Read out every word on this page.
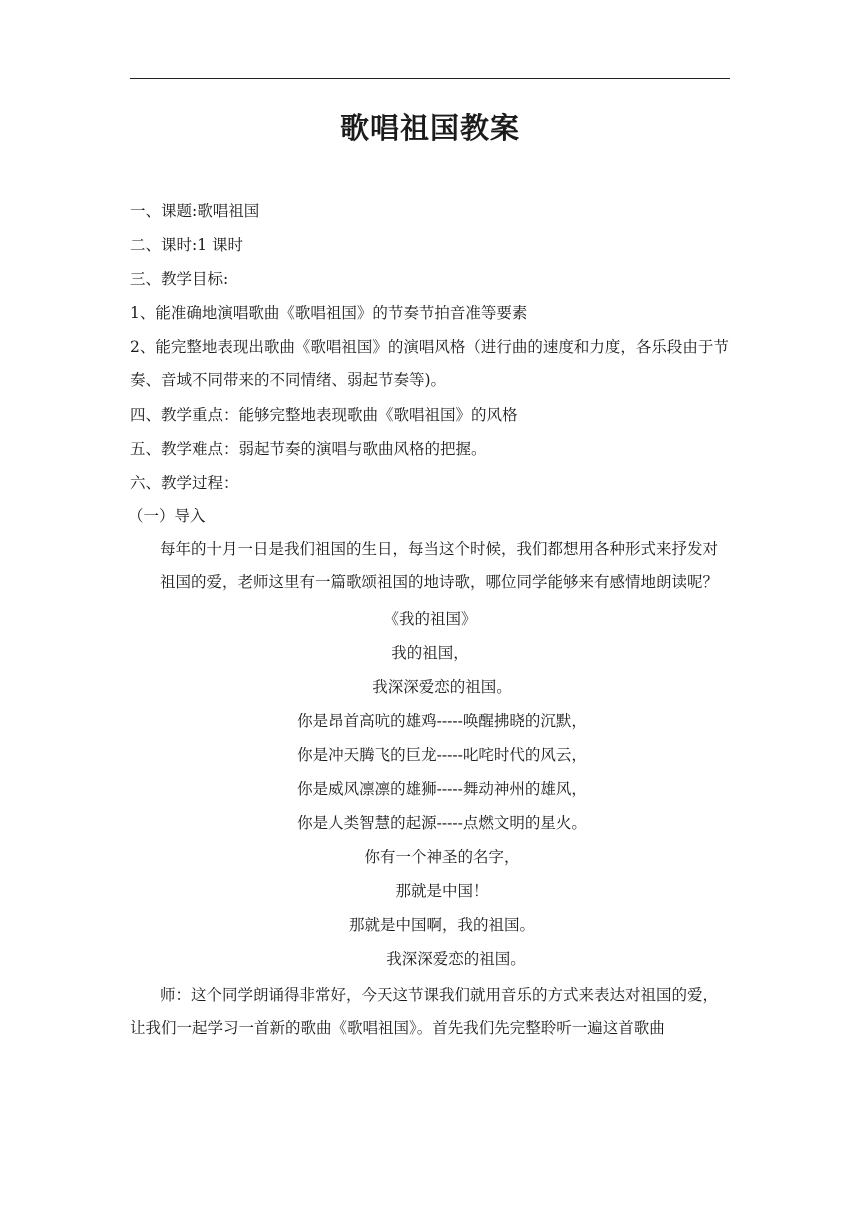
歌唱祖国教案
一、课题:歌唱祖国
二、课时:1 课时
三、教学目标:
1、能准确地演唱歌曲《歌唱祖国》的节奏节拍音准等要素
2、能完整地表现出歌曲《歌唱祖国》的演唱风格（进行曲的速度和力度，各乐段由于节奏、音域不同带来的不同情绪、弱起节奏等)。
四、教学重点：能够完整地表现歌曲《歌唱祖国》的风格
五、教学难点：弱起节奏的演唱与歌曲风格的把握。
六、教学过程：
（一）导入
每年的十月一日是我们祖国的生日，每当这个时候，我们都想用各种形式来抒发对祖国的爱，老师这里有一篇歌颂祖国的地诗歌，哪位同学能够来有感情地朗读呢？
《我的祖国》
我的祖国，
我深深爱恋的祖国。
你是昂首高吭的雄鸡-----唤醒拂晓的沉默，
你是冲天腾飞的巨龙-----叱咤时代的风云，
你是威风凛凛的雄狮-----舞动神州的雄风，
你是人类智慧的起源-----点燃文明的星火。
你有一个神圣的名字，
那就是中国！
那就是中国啊，我的祖国。
我深深爱恋的祖国。
师：这个同学朗诵得非常好，今天这节课我们就用音乐的方式来表达对祖国的爱，让我们一起学习一首新的歌曲《歌唱祖国》。首先我们先完整聆听一遍这首歌曲
